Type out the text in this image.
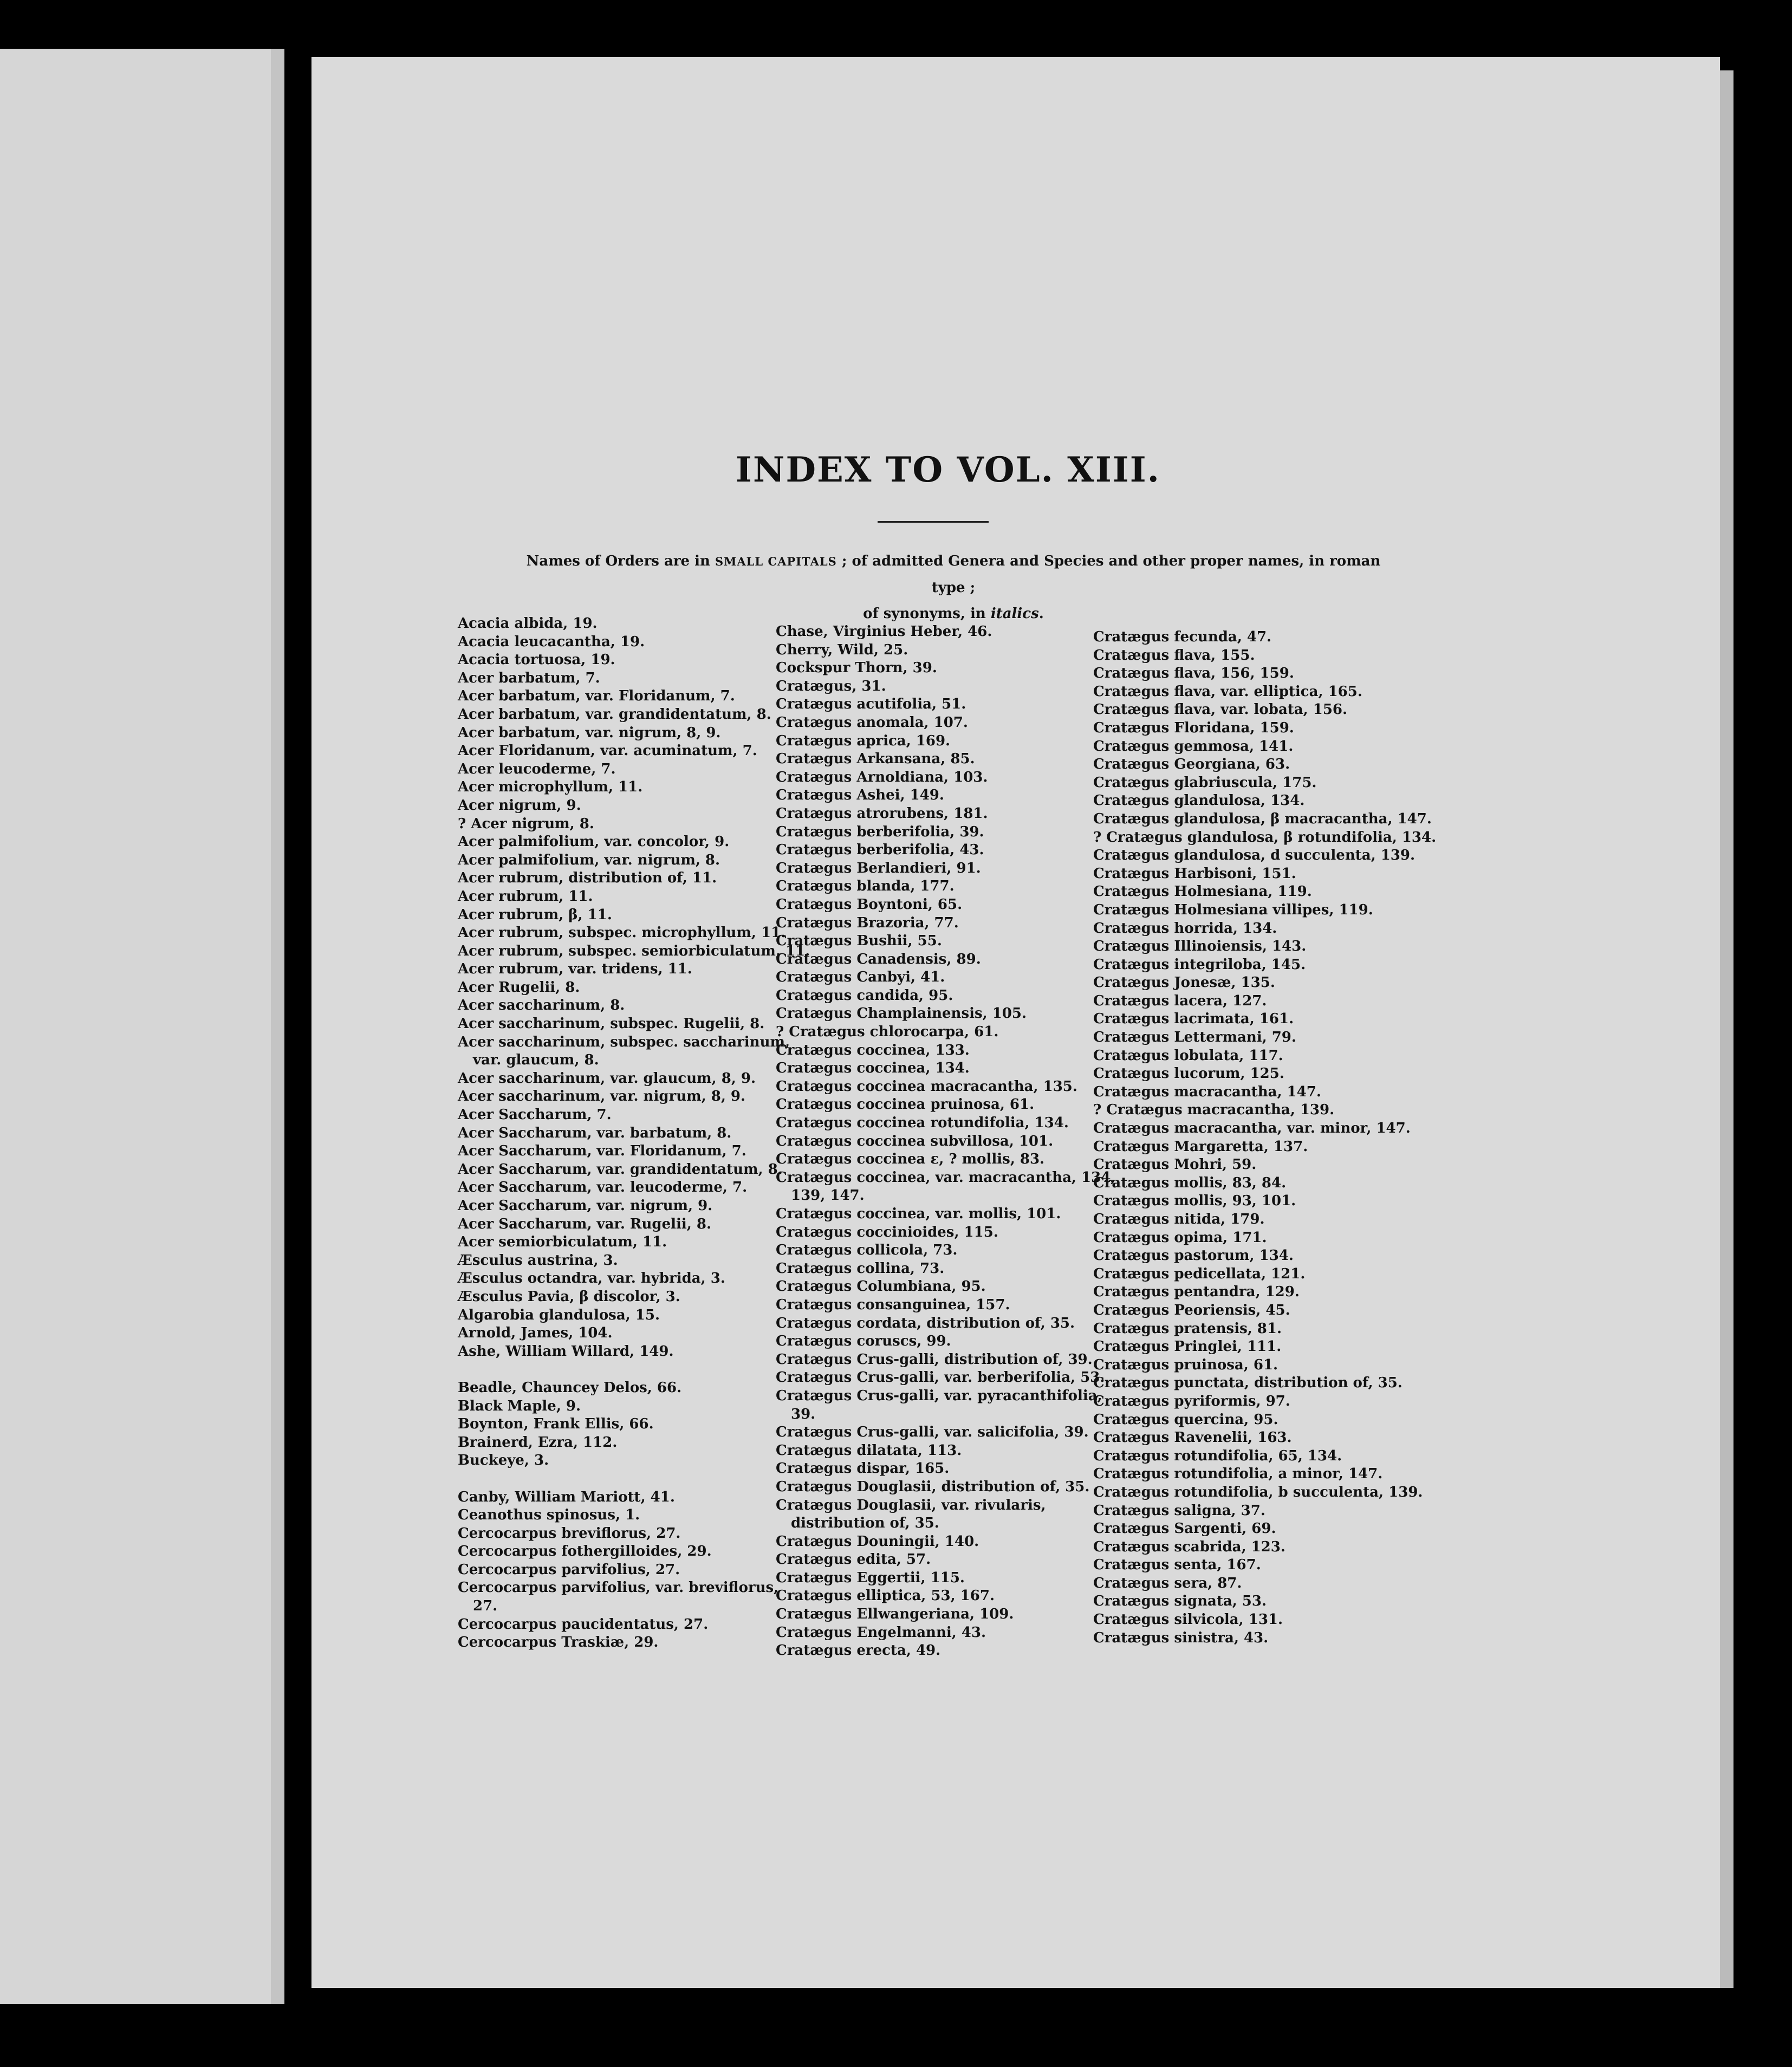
INDEX TO VOL. XIII.
Names of Orders are in SMALL CAPITALS ; of admitted Genera and Species and other proper names, in roman type ;
of synonyms, in italics.
Acacia albida, 19.
Acacia leucacantha, 19.
Acacia tortuosa, 19.
Acer barbatum, 7.
Acer barbatum, var. Floridanum, 7.
Acer barbatum, var. grandidentatum, 8.
Acer barbatum, var. nigrum, 8, 9.
Acer Floridanum, var. acuminatum, 7.
Acer leucoderme, 7.
Acer microphyllum, 11.
Acer nigrum, 9.
? Acer nigrum, 8.
Acer palmifolium, var. concolor, 9.
Acer palmifolium, var. nigrum, 8.
Acer rubrum, distribution of, 11.
Acer rubrum, 11.
Acer rubrum, β, 11.
Acer rubrum, subspec. microphyllum, 11.
Acer rubrum, subspec. semiorbiculatum, 11.
Acer rubrum, var. tridens, 11.
Acer Rugelii, 8.
Acer saccharinum, 8.
Acer saccharinum, subspec. Rugelii, 8.
Acer saccharinum, subspec. saccharinum, var. glaucum, 8.
Acer saccharinum, var. glaucum, 8, 9.
Acer saccharinum, var. nigrum, 8, 9.
Acer Saccharum, 7.
Acer Saccharum, var. barbatum, 8.
Acer Saccharum, var. Floridanum, 7.
Acer Saccharum, var. grandidentatum, 8.
Acer Saccharum, var. leucoderme, 7.
Acer Saccharum, var. nigrum, 9.
Acer Saccharum, var. Rugelii, 8.
Acer semiorbiculatum, 11.
Æsculus austrina, 3.
Æsculus octandra, var. hybrida, 3.
Æsculus Pavia, β discolor, 3.
Algarobia glandulosa, 15.
Arnold, James, 104.
Ashe, William Willard, 149.
Beadle, Chauncey Delos, 66.
Black Maple, 9.
Boynton, Frank Ellis, 66.
Brainerd, Ezra, 112.
Buckeye, 3.
Canby, William Mariott, 41.
Ceanothus spinosus, 1.
Cercocarpus breviflorus, 27.
Cercocarpus fothergilloides, 29.
Cercocarpus parvifolius, 27.
Cercocarpus parvifolius, var. breviflorus, 27.
Cercocarpus paucidentatus, 27.
Cercocarpus Traskiæ, 29.
Chase, Virginius Heber, 46.
Cherry, Wild, 25.
Cockspur Thorn, 39.
Cratægus, 31.
Cratægus acutifolia, 51.
Cratægus anomala, 107.
Cratægus aprica, 169.
Cratægus Arkansana, 85.
Cratægus Arnoldiana, 103.
Cratægus Ashei, 149.
Cratægus atrorubens, 181.
Cratægus berberifolia, 39.
Cratægus berberifolia, 43.
Cratægus Berlandieri, 91.
Cratægus blanda, 177.
Cratægus Boyntoni, 65.
Cratægus Brazoria, 77.
Cratægus Bushii, 55.
Cratægus Canadensis, 89.
Cratægus Canbyi, 41.
Cratægus candida, 95.
Cratægus Champlainensis, 105.
? Cratægus chlorocarpa, 61.
Cratægus coccinea, 133.
Cratægus coccinea, 134.
Cratægus coccinea macracantha, 135.
Cratægus coccinea pruinosa, 61.
Cratægus coccinea rotundifolia, 134.
Cratægus coccinea subvillosa, 101.
Cratægus coccinea ε, ? mollis, 83.
Cratægus coccinea, var. macracantha, 134, 139, 147.
Cratægus coccinea, var. mollis, 101.
Cratægus coccinioides, 115.
Cratægus collicola, 73.
Cratægus collina, 73.
Cratægus Columbiana, 95.
Cratægus consanguinea, 157.
Cratægus cordata, distribution of, 35.
Cratægus coruscs, 99.
Cratægus Crus-galli, distribution of, 39.
Cratægus Crus-galli, var. berberifolia, 53.
Cratægus Crus-galli, var. pyracanthifolia, 39.
Cratægus Crus-galli, var. salicifolia, 39.
Cratægus dilatata, 113.
Cratægus dispar, 165.
Cratægus Douglasii, distribution of, 35.
Cratægus Douglasii, var. rivularis, distribution of, 35.
Cratægus Douningii, 140.
Cratægus edita, 57.
Cratægus Eggertii, 115.
Cratægus elliptica, 53, 167.
Cratægus Ellwangeriana, 109.
Cratægus Engelmanni, 43.
Cratægus erecta, 49.
Cratægus fecunda, 47.
Cratægus flava, 155.
Cratægus flava, 156, 159.
Cratægus flava, var. elliptica, 165.
Cratægus flava, var. lobata, 156.
Cratægus Floridana, 159.
Cratægus gemmosa, 141.
Cratægus Georgiana, 63.
Cratægus glabriuscula, 175.
Cratægus glandulosa, 134.
Cratægus glandulosa, β macracantha, 147.
? Cratægus glandulosa, β rotundifolia, 134.
Cratægus glandulosa, d succulenta, 139.
Cratægus Harbisoni, 151.
Cratægus Holmesiana, 119.
Cratægus Holmesiana villipes, 119.
Cratægus horrida, 134.
Cratægus Illinoiensis, 143.
Cratægus integriloba, 145.
Cratægus Jonesæ, 135.
Cratægus lacera, 127.
Cratægus lacrimata, 161.
Cratægus Lettermani, 79.
Cratægus lobulata, 117.
Cratægus lucorum, 125.
Cratægus macracantha, 147.
? Cratægus macracantha, 139.
Cratægus macracantha, var. minor, 147.
Cratægus Margaretta, 137.
Cratægus Mohri, 59.
Cratægus mollis, 83, 84.
Cratægus mollis, 93, 101.
Cratægus nitida, 179.
Cratægus opima, 171.
Cratægus pastorum, 134.
Cratægus pedicellata, 121.
Cratægus pentandra, 129.
Cratægus Peoriensis, 45.
Cratægus pratensis, 81.
Cratægus Pringlei, 111.
Cratægus pruinosa, 61.
Cratægus punctata, distribution of, 35.
Cratægus pyriformis, 97.
Cratægus quercina, 95.
Cratægus Ravenelii, 163.
Cratægus rotundifolia, 65, 134.
Cratægus rotundifolia, a minor, 147.
Cratægus rotundifolia, b succulenta, 139.
Cratægus saligna, 37.
Cratægus Sargenti, 69.
Cratægus scabrida, 123.
Cratægus senta, 167.
Cratægus sera, 87.
Cratægus signata, 53.
Cratægus silvicola, 131.
Cratægus sinistra, 43.
